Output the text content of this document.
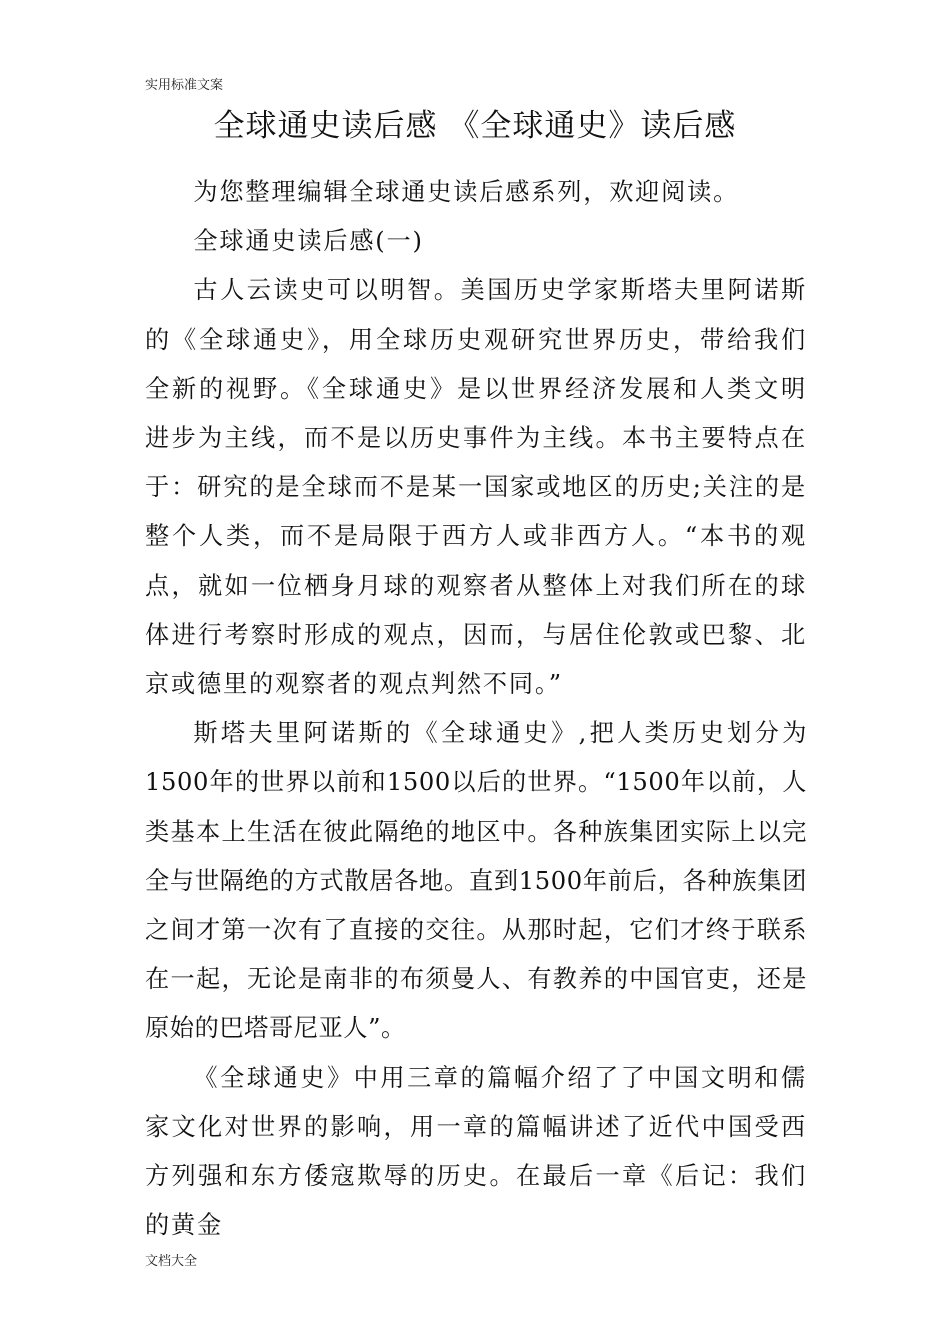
实用标准文案
全球通史读后感 《全球通史》读后感

为您整理编辑全球通史读后感系列，欢迎阅读。

全球通史读后感(一)

古人云读史可以明智。美国历史学家斯塔夫里阿诺斯的《全球通史》，用全球历史观研究世界历史，带给我们全新的视野。《全球通史》是以世界经济发展和人类文明进步为主线，而不是以历史事件为主线。本书主要特点在于：研究的是全球而不是某一国家或地区的历史;关注的是整个人类，而不是局限于西方人或非西方人。“本书的观点，就如一位栖身月球的观察者从整体上对我们所在的球体进行考察时形成的观点，因而，与居住伦敦或巴黎、北京或德里的观察者的观点判然不同。”

斯塔夫里阿诺斯的《全球通史》,把人类历史划分为1500年的世界以前和1500以后的世界。“1500年以前，人类基本上生活在彼此隔绝的地区中。各种族集团实际上以完全与世隔绝的方式散居各地。直到1500年前后，各种族集团之间才第一次有了直接的交往。从那时起，它们才终于联系在一起，无论是南非的布须曼人、有教养的中国官吏，还是原始的巴塔哥尼亚人”。

《全球通史》中用三章的篇幅介绍了了中国文明和儒家文化对世界的影响，用一章的篇幅讲述了近代中国受西方列强和东方倭寇欺辱的历史。在最后一章《后记：我们的黄金

文档大全
